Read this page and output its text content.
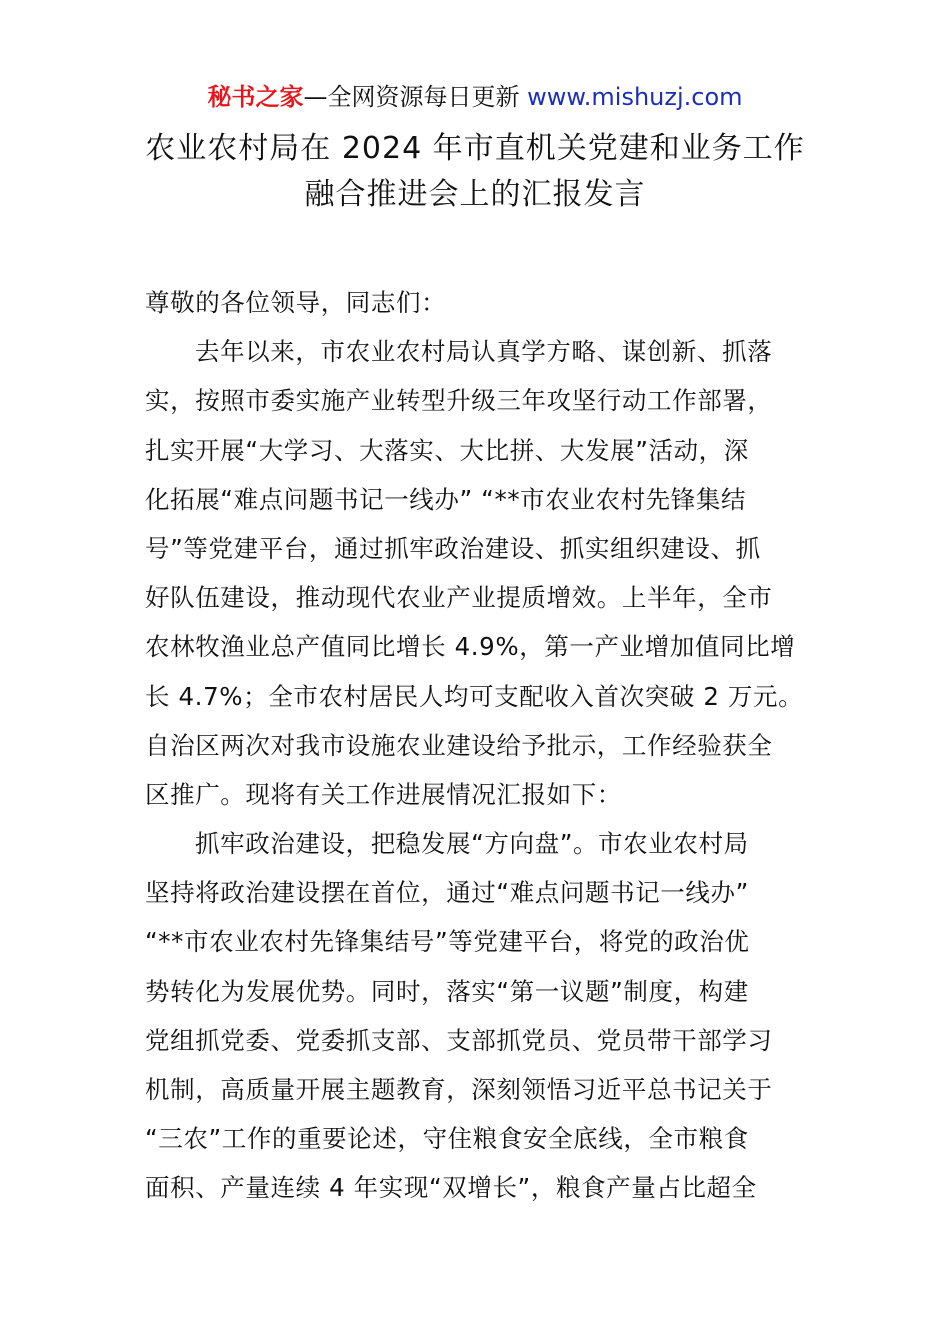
秘书之家—全网资源每日更新 www.mishuzj.com
农业农村局在 2024 年市直机关党建和业务工作
融合推进会上的汇报发言
尊敬的各位领导，同志们：
去年以来，市农业农村局认真学方略、谋创新、抓落
实，按照市委实施产业转型升级三年攻坚行动工作部署，
扎实开展“大学习、大落实、大比拼、大发展”活动，深
化拓展“难点问题书记一线办” “**市农业农村先锋集结
号”等党建平台，通过抓牢政治建设、抓实组织建设、抓
好队伍建设，推动现代农业产业提质增效。上半年，全市
农林牧渔业总产值同比增长 4.9%，第一产业增加值同比增
长 4.7%；全市农村居民人均可支配收入首次突破 2 万元。
自治区两次对我市设施农业建设给予批示，工作经验获全
区推广。现将有关工作进展情况汇报如下：
抓牢政治建设，把稳发展“方向盘”。市农业农村局
坚持将政治建设摆在首位，通过“难点问题书记一线办”
“**市农业农村先锋集结号”等党建平台，将党的政治优
势转化为发展优势。同时，落实“第一议题”制度，构建
党组抓党委、党委抓支部、支部抓党员、党员带干部学习
机制，高质量开展主题教育，深刻领悟习近平总书记关于
“三农”工作的重要论述，守住粮食安全底线，全市粮食
面积、产量连续 4 年实现“双增长”，粮食产量占比超全
